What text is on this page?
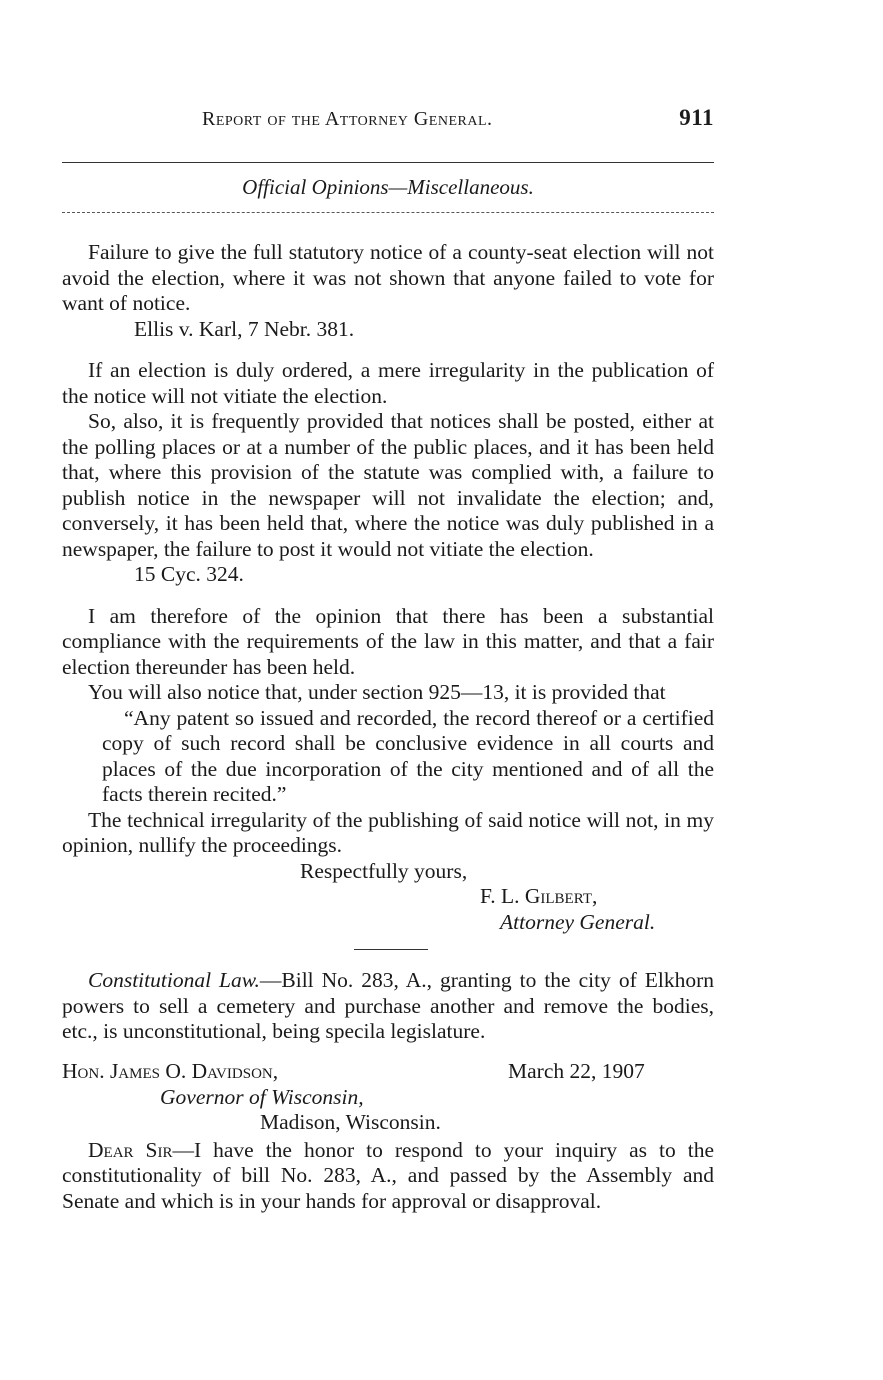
Report of the Attorney General.	911
Official Opinions—Miscellaneous.

Failure to give the full statutory notice of a county-seat election will not avoid the election, where it was not shown that anyone failed to vote for want of notice.

Ellis v. Karl, 7 Nebr. 381.

If an election is duly ordered, a mere irregularity in the publication of the notice will not vitiate the election.

So, also, it is frequently provided that notices shall be posted, either at the polling places or at a number of the public places, and it has been held that, where this provision of the statute was complied with, a failure to publish notice in the newspaper will not invalidate the election; and, conversely, it has been held that, where the notice was duly published in a newspaper, the failure to post it would not vitiate the election.

15 Cyc. 324.

I am therefore of the opinion that there has been a substantial compliance with the requirements of the law in this matter, and that a fair election thereunder has been held.

You will also notice that, under section 925—13, it is provided that

“Any patent so issued and recorded, the record thereof or a certified copy of such record shall be conclusive evidence in all courts and places of the due incorporation of the city mentioned and of all the facts therein recited.”

The technical irregularity of the publishing of said notice will not, in my opinion, nullify the proceedings.

Respectfully yours,
F. L. Gilbert,
Attorney General.

Constitutional Law.—Bill No. 283, A., granting to the city of Elkhorn powers to sell a cemetery and purchase another and remove the bodies, etc., is unconstitutional, being specila legislature.

Hon. James O. Davidson,	March 22, 1907
Governor of Wisconsin,
Madison, Wisconsin.

Dear Sir—I have the honor to respond to your inquiry as to the constitutionality of bill No. 283, A., and passed by the Assembly and Senate and which is in your hands for approval or disapproval.
